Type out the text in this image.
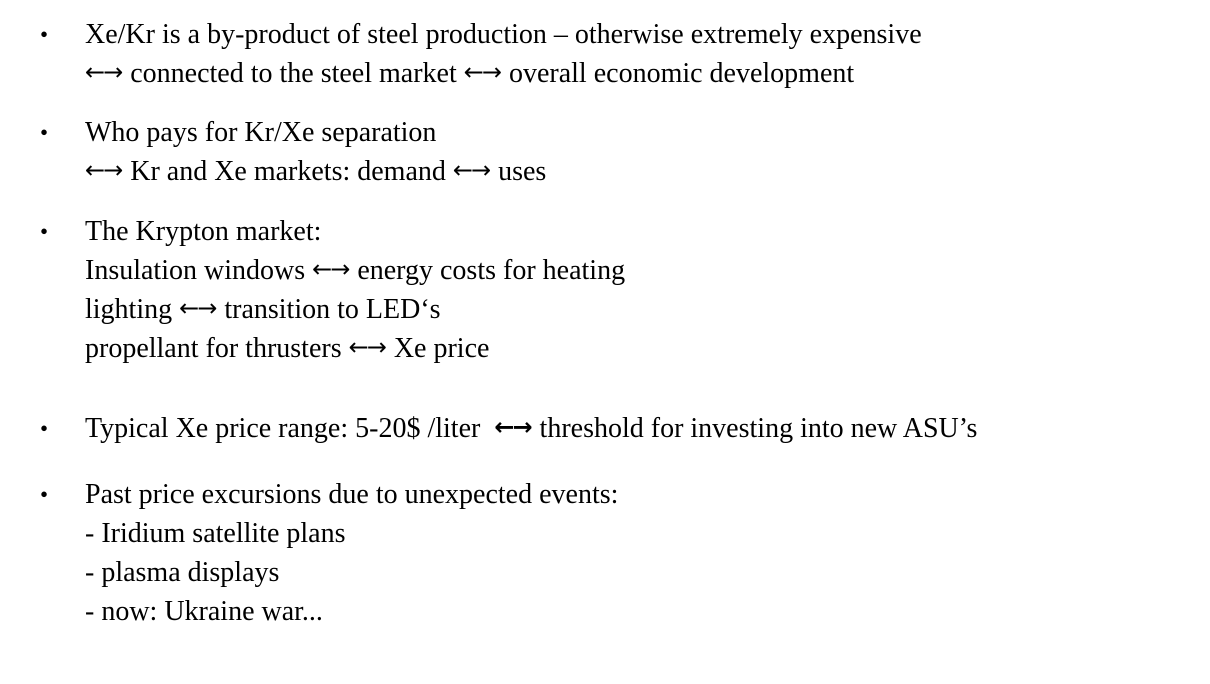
• Xe/Kr is a by-product of steel production – otherwise extremely expensive
←→ connected to the steel market ←→ overall economic development
• Who pays for Kr/Xe separation
←→ Kr and Xe markets: demand ←→ uses
• The Krypton market:
Insulation windows ←→ energy costs for heating
lighting ←→ transition to LED‘s
propellant for thrusters ←→ Xe price
• Typical Xe price range: 5-20$ /liter  ←→ threshold for investing into new ASU’s
• Past price excursions due to unexpected events:
- Iridium satellite plans
- plasma displays
- now: Ukraine war...
